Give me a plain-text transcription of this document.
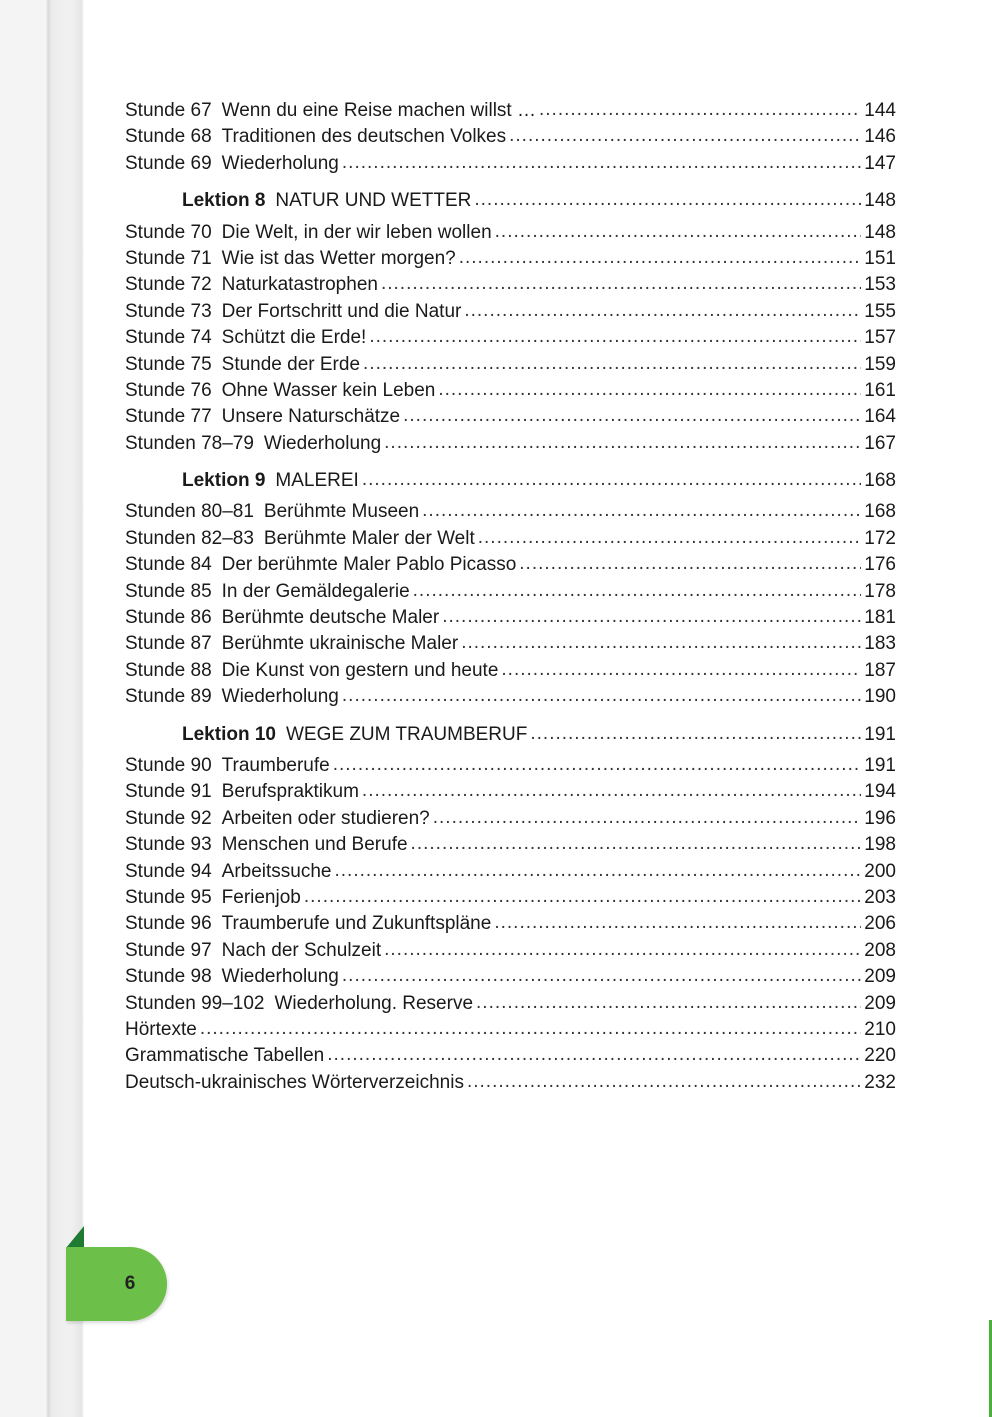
Stunde 67 Wenn du eine Reise machen willst … .....	144
Stunde 68 Traditionen des deutschen Volkes .....	146
Stunde 69 Wiederholung .....	147
Lektion 8 NATUR UND WETTER .....	148
Stunde 70 Die Welt, in der wir leben wollen .....	148
Stunde 71 Wie ist das Wetter morgen? .....	151
Stunde 72 Naturkatastrophen .....	153
Stunde 73 Der Fortschritt und die Natur .....	155
Stunde 74 Schützt die Erde! .....	157
Stunde 75 Stunde der Erde .....	159
Stunde 76 Ohne Wasser kein Leben .....	161
Stunde 77 Unsere Naturschätze .....	164
Stunden 78–79 Wiederholung .....	167
Lektion 9 MALEREI .....	168
Stunden 80–81 Berühmte Museen .....	168
Stunden 82–83 Berühmte Maler der Welt .....	172
Stunde 84 Der berühmte Maler Pablo Picasso .....	176
Stunde 85 In der Gemäldegalerie .....	178
Stunde 86 Berühmte deutsche Maler .....	181
Stunde 87 Berühmte ukrainische Maler .....	183
Stunde 88 Die Kunst von gestern und heute .....	187
Stunde 89 Wiederholung .....	190
Lektion 10 WEGE ZUM TRAUMBERUF .....	191
Stunde 90 Traumberufe .....	191
Stunde 91 Berufspraktikum .....	194
Stunde 92 Arbeiten oder studieren? .....	196
Stunde 93 Menschen und Berufe .....	198
Stunde 94 Arbeitssuche .....	200
Stunde 95 Ferienjob .....	203
Stunde 96 Traumberufe und Zukunftspläne .....	206
Stunde 97 Nach der Schulzeit .....	208
Stunde 98 Wiederholung .....	209
Stunden 99–102 Wiederholung. Reserve .....	209
Hörtexte .....	210
Grammatische Tabellen .....	220
Deutsch-ukrainisches Wörterverzeichnis .....	232
6
